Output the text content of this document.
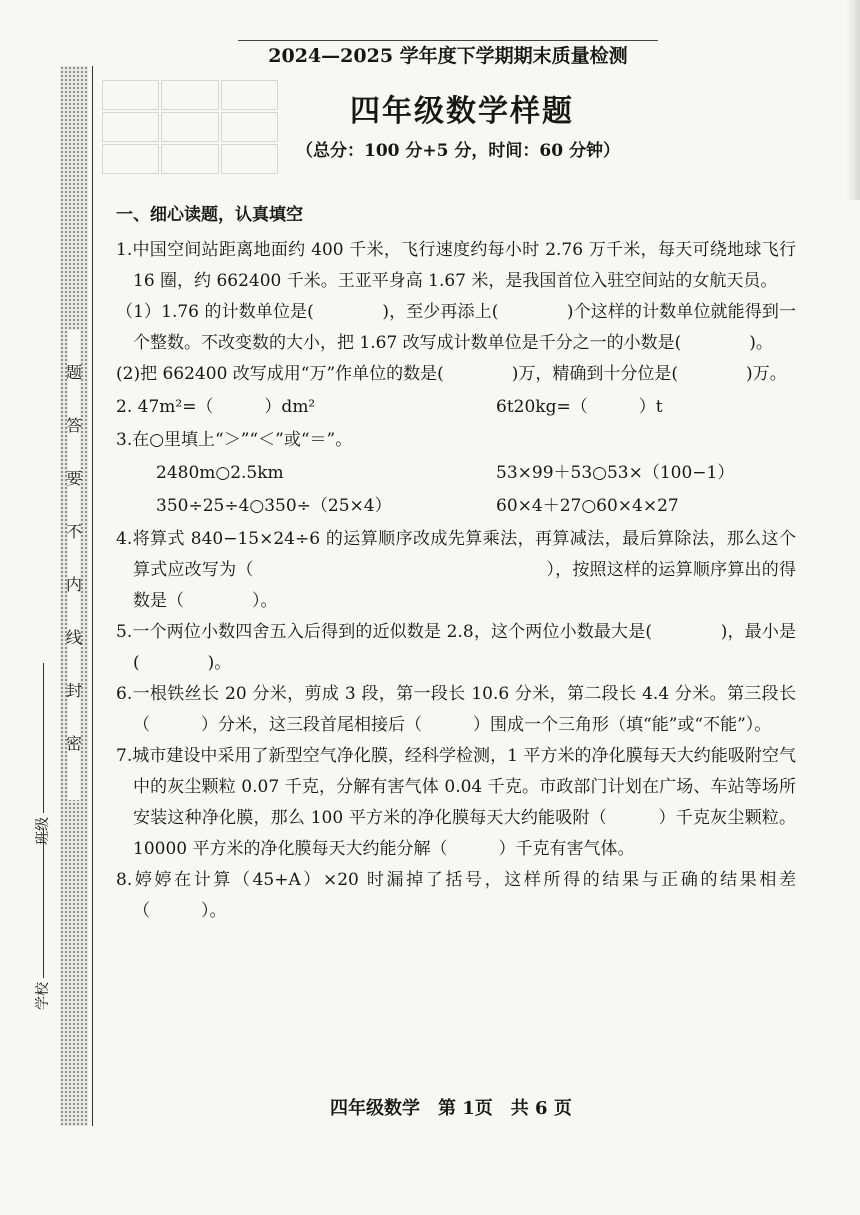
题
答
要
不
内
线
封
密
班级
学校
2024—2025 学年度下学期期末质量检测
四年级数学样题
（总分：100 分+5 分，时间：60 分钟）
一、细心读题，认真填空

1.中国空间站距离地面约 400 千米，飞行速度约每小时 2.76 万千米，每天可绕地球飞行 16 圈，约 662400 千米。王亚平身高 1.67 米，是我国首位入驻空间站的女航天员。

（1）1.76 的计数单位是(　　　　)，至少再添上(　　　　)个这样的计数单位就能得到一个整数。不改变数的大小，把 1.67 改写成计数单位是千分之一的小数是(　　　　)。

(2)把 662400 改写成用“万”作单位的数是(　　　　)万，精确到十分位是(　　　　)万。

2. 47m²=（　　　）dm²	6t20kg=（　　　）t

3.在○里填上“＞”“＜”或“＝”。

2480m○2.5km	53×99＋53○53×（100−1）
350÷25÷4○350÷（25×4）	60×4＋27○60×4×27

4.将算式 840−15×24÷6 的运算顺序改成先算乘法，再算减法，最后算除法，那么这个算式应改写为（　　　　　　　　　　　　　　　　　），按照这样的运算顺序算出的得数是（　　　　）。

5.一个两位小数四舍五入后得到的近似数是 2.8，这个两位小数最大是(　　　　)，最小是(　　　　)。

6.一根铁丝长 20 分米，剪成 3 段，第一段长 10.6 分米，第二段长 4.4 分米。第三段长（　　　）分米，这三段首尾相接后（　　　）围成一个三角形（填“能”或“不能”）。

7.城市建设中采用了新型空气净化膜，经科学检测，1 平方米的净化膜每天大约能吸附空气中的灰尘颗粒 0.07 千克，分解有害气体 0.04 千克。市政部门计划在广场、车站等场所安装这种净化膜，那么 100 平方米的净化膜每天大约能吸附（　　　）千克灰尘颗粒。10000 平方米的净化膜每天大约能分解（　　　）千克有害气体。

8.婷婷在计算（45+A）×20 时漏掉了括号，这样所得的结果与正确的结果相差（　　　）。

四年级数学　第 1页　共 6 页
